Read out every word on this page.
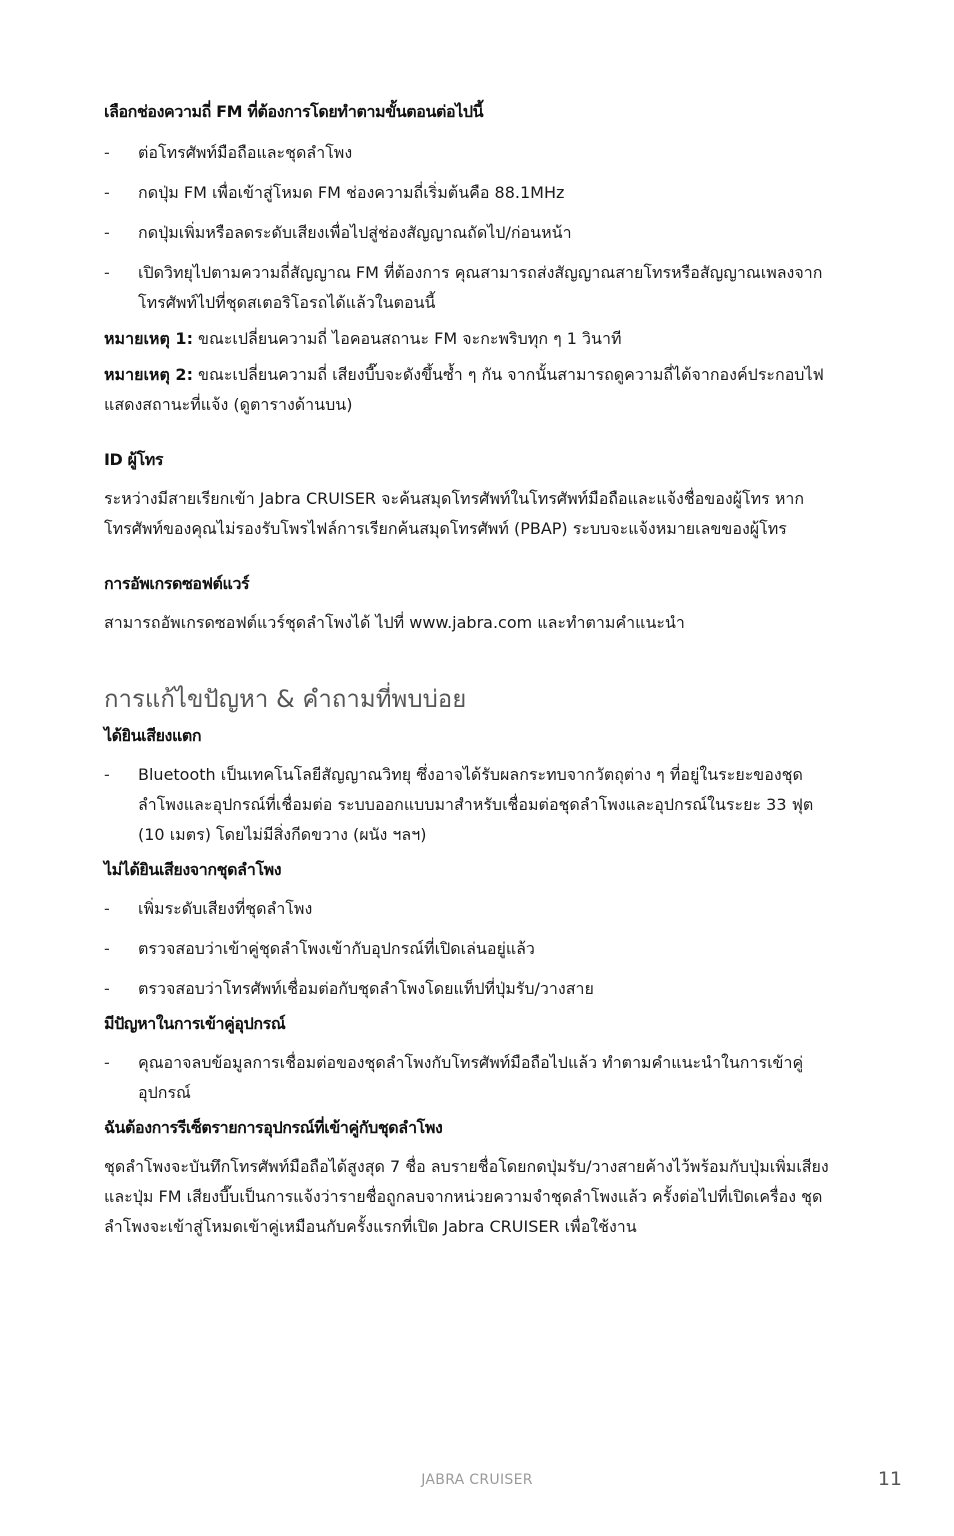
เลือกช่องความถี่ FM ที่ต้องการโดยทำตามขั้นตอนต่อไปนี้

- ต่อโทรศัพท์มือถือและชุดลำโพง
- กดปุ่ม FM เพื่อเข้าสู่โหมด FM ช่องความถี่เริ่มต้นคือ 88.1MHz
- กดปุ่มเพิ่มหรือลดระดับเสียงเพื่อไปสู่ช่องสัญญาณถัดไป/ก่อนหน้า
- เปิดวิทยุไปตามความถี่สัญญาณ FM ที่ต้องการ คุณสามารถส่งสัญญาณสายโทรหรือสัญญาณเพลงจากโทรศัพท์ไปที่ชุดสเตอริโอรถได้แล้วในตอนนี้

หมายเหตุ 1: ขณะเปลี่ยนความถี่ ไอคอนสถานะ FM จะกะพริบทุก ๆ 1 วินาที

หมายเหตุ 2: ขณะเปลี่ยนความถี่ เสียงบี๊บจะดังขึ้นซ้ำ ๆ กัน จากนั้นสามารถดูความถี่ได้จากองค์ประกอบไฟแสดงสถานะที่แจ้ง (ดูตารางด้านบน)

ID ผู้โทร

ระหว่างมีสายเรียกเข้า Jabra CRUISER จะค้นสมุดโทรศัพท์ในโทรศัพท์มือถือและแจ้งชื่อของผู้โทร หากโทรศัพท์ของคุณไม่รองรับโพรไฟล์การเรียกค้นสมุดโทรศัพท์ (PBAP) ระบบจะแจ้งหมายเลขของผู้โทร

การอัพเกรดซอฟต์แวร์

สามารถอัพเกรดซอฟต์แวร์ชุดลำโพงได้ ไปที่ www.jabra.com และทำตามคำแนะนำ

การแก้ไขปัญหา & คำถามที่พบบ่อย

ได้ยินเสียงแตก

- Bluetooth เป็นเทคโนโลยีสัญญาณวิทยุ ซึ่งอาจได้รับผลกระทบจากวัตถุต่าง ๆ ที่อยู่ในระยะของชุดลำโพงและอุปกรณ์ที่เชื่อมต่อ ระบบออกแบบมาสำหรับเชื่อมต่อชุดลำโพงและอุปกรณ์ในระยะ 33 ฟุต (10 เมตร) โดยไม่มีสิ่งกีดขวาง (ผนัง ฯลฯ)

ไม่ได้ยินเสียงจากชุดลำโพง

- เพิ่มระดับเสียงที่ชุดลำโพง
- ตรวจสอบว่าเข้าคู่ชุดลำโพงเข้ากับอุปกรณ์ที่เปิดเล่นอยู่แล้ว
- ตรวจสอบว่าโทรศัพท์เชื่อมต่อกับชุดลำโพงโดยแท็ปที่ปุ่มรับ/วางสาย

มีปัญหาในการเข้าคู่อุปกรณ์

- คุณอาจลบข้อมูลการเชื่อมต่อของชุดลำโพงกับโทรศัพท์มือถือไปแล้ว ทำตามคำแนะนำในการเข้าคู่อุปกรณ์

ฉันต้องการรีเซ็ตรายการอุปกรณ์ที่เข้าคู่กับชุดลำโพง

ชุดลำโพงจะบันทึกโทรศัพท์มือถือได้สูงสุด 7 ชื่อ ลบรายชื่อโดยกดปุ่มรับ/วางสายค้างไว้พร้อมกับปุ่มเพิ่มเสียงและปุ่ม FM เสียงบี๊บเป็นการแจ้งว่ารายชื่อถูกลบจากหน่วยความจำชุดลำโพงแล้ว ครั้งต่อไปที่เปิดเครื่อง ชุดลำโพงจะเข้าสู่โหมดเข้าคู่เหมือนกับครั้งแรกที่เปิด Jabra CRUISER เพื่อใช้งาน

JABRA CRUISER	11
